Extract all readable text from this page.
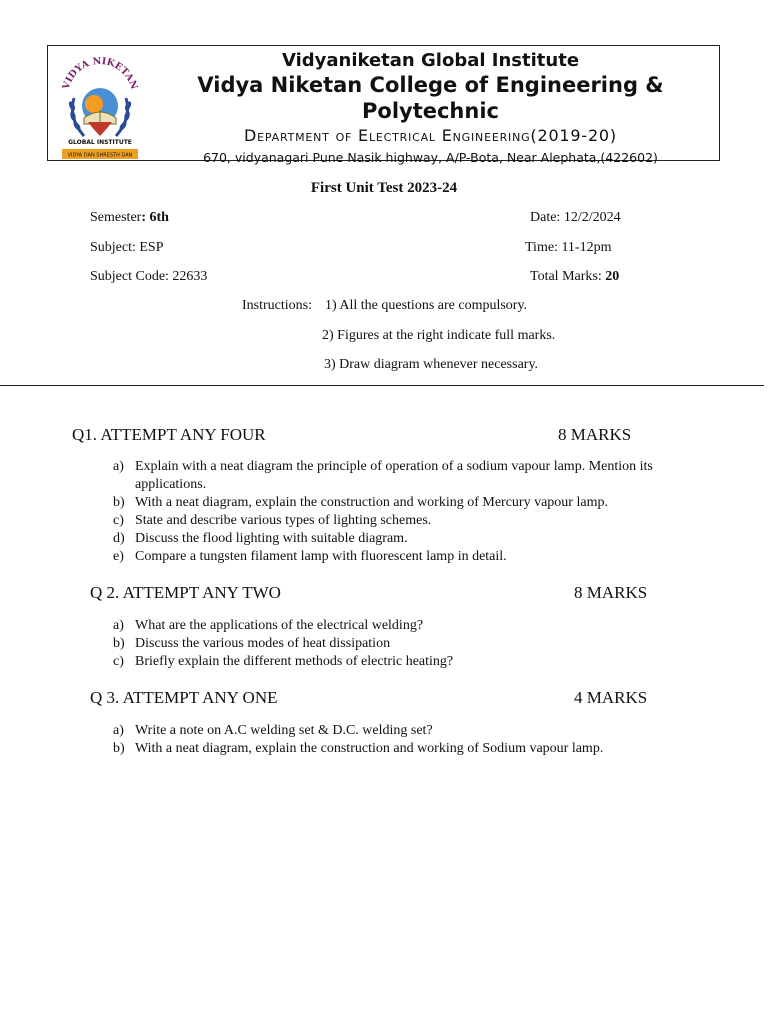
VIDYA NIKETAN
GLOBAL INSTITUTE
VIDYA DAN SHRESTH DAN
Vidyaniketan Global Institute
Vidya Niketan College of Engineering & Polytechnic
Department of Electrical Engineering(2019-20)
670, vidyanagari Pune Nasik highway, A/P-Bota, Near Alephata,(422602)
First Unit Test 2023-24
Semester: 6th	Date: 12/2/2024
Subject: ESP	Time: 11-12pm
Subject Code: 22633	Total Marks: 20
Instructions: 1) All the questions are compulsory.
2) Figures at the right indicate full marks.
3) Draw diagram whenever necessary.
Q1. ATTEMPT ANY FOUR	8 MARKS
a) Explain with a neat diagram the principle of operation of a sodium vapour lamp. Mention its applications.
b) With a neat diagram, explain the construction and working of Mercury vapour lamp.
c) State and describe various types of lighting schemes.
d) Discuss the flood lighting with suitable diagram.
e) Compare a tungsten filament lamp with fluorescent lamp in detail.
Q 2. ATTEMPT ANY TWO	8 MARKS
a) What are the applications of the electrical welding?
b) Discuss the various modes of heat dissipation
c) Briefly explain the different methods of electric heating?
Q 3. ATTEMPT ANY ONE	4 MARKS
a) Write a note on A.C welding set & D.C. welding set?
b) With a neat diagram, explain the construction and working of Sodium vapour lamp.
